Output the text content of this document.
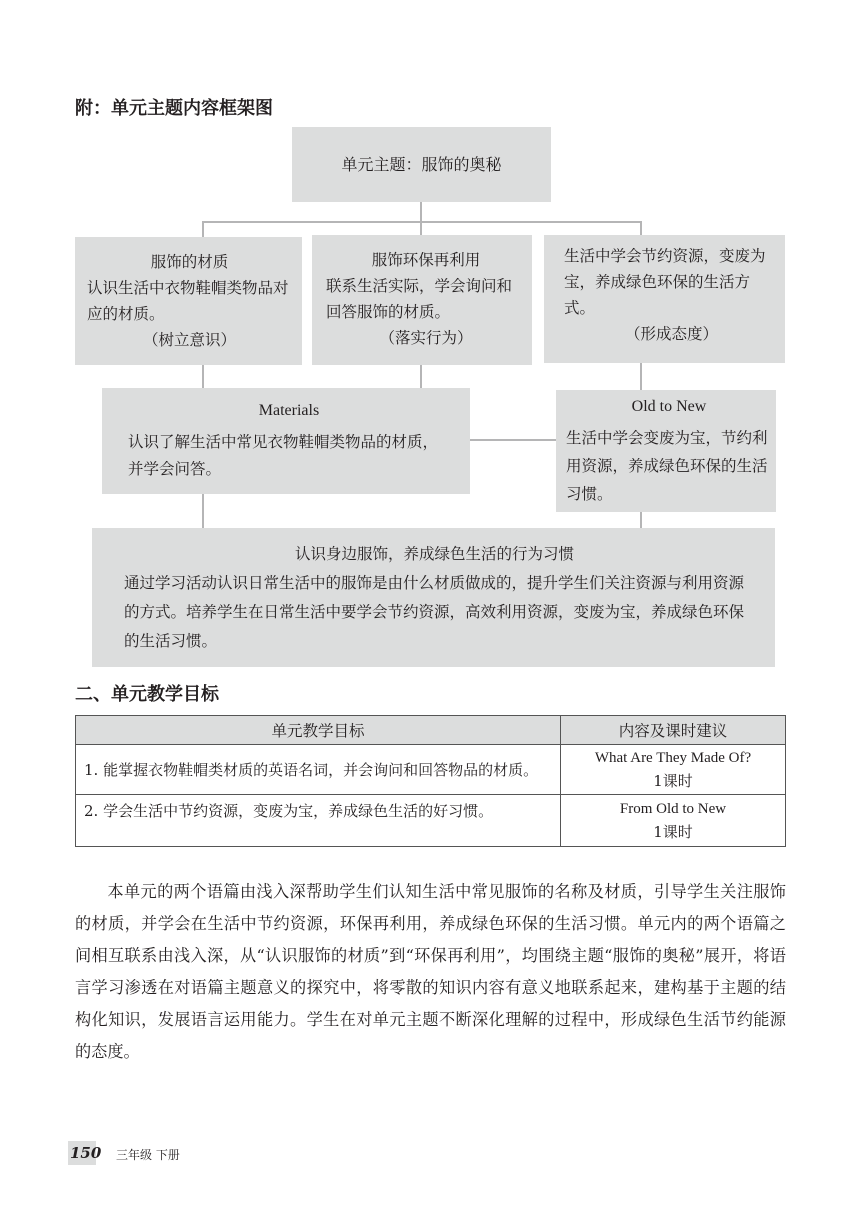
附：单元主题内容框架图
单元主题：服饰的奥秘
服饰的材质
认识生活中衣物鞋帽类物品对应的材质。
（树立意识）
服饰环保再利用
联系生活实际，学会询问和回答服饰的材质。
（落实行为）
生活中学会节约资源，变废为宝，养成绿色环保的生活方式。
（形成态度）
Materials
认识了解生活中常见衣物鞋帽类物品的材质，并学会问答。
Old to New
生活中学会变废为宝，节约利用资源，养成绿色环保的生活习惯。
认识身边服饰，养成绿色生活的行为习惯
通过学习活动认识日常生活中的服饰是由什么材质做成的，提升学生们关注资源与利用资源的方式。培养学生在日常生活中要学会节约资源，高效利用资源，变废为宝，养成绿色环保的生活习惯。
二、单元教学目标
单元教学目标	内容及课时建议
1. 能掌握衣物鞋帽类材质的英语名词，并会询问和回答物品的材质。	What Are They Made Of?
1课时

2. 学会生活中节约资源，变废为宝，养成绿色生活的好习惯。	From Old to New
1课时
本单元的两个语篇由浅入深帮助学生们认知生活中常见服饰的名称及材质，引导学生关注服饰的材质，并学会在生活中节约资源，环保再利用，养成绿色环保的生活习惯。单元内的两个语篇之间相互联系由浅入深，从“认识服饰的材质”到“环保再利用”，均围绕主题“服饰的奥秘”展开，将语言学习渗透在对语篇主题意义的探究中，将零散的知识内容有意义地联系起来，建构基于主题的结构化知识，发展语言运用能力。学生在对单元主题不断深化理解的过程中，形成绿色生活节约能源的态度。
150 三年级 下册
